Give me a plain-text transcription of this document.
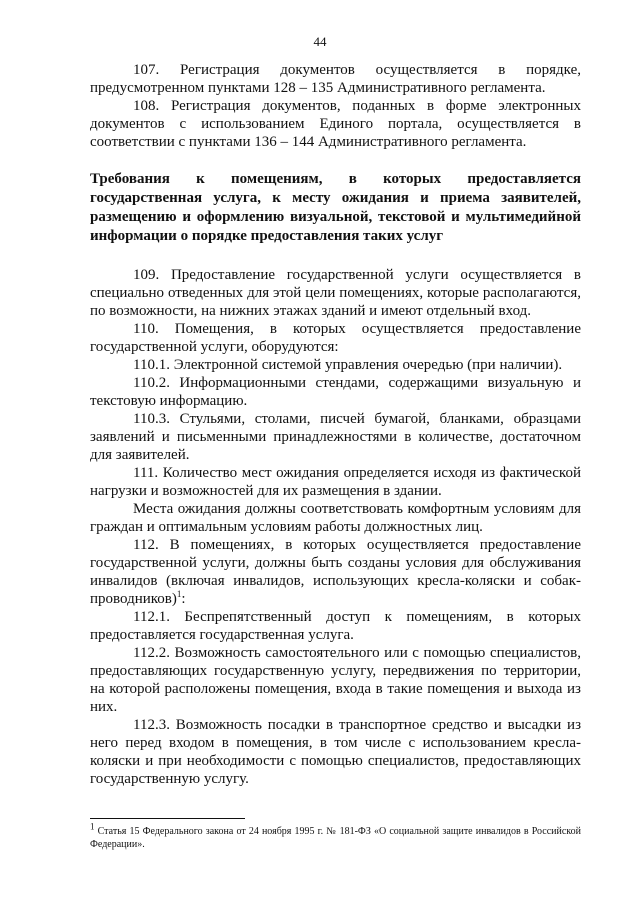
44

107. Регистрация документов осуществляется в порядке, предусмотренном пунктами 128 – 135 Административного регламента.

108. Регистрация документов, поданных в форме электронных документов с использованием Единого портала, осуществляется в соответствии с пунктами 136 – 144 Административного регламента.

Требования к помещениям, в которых предоставляется государственная услуга, к месту ожидания и приема заявителей, размещению и оформлению визуальной, текстовой и мультимедийной информации о порядке предоставления таких услуг

109. Предоставление государственной услуги осуществляется в специально отведенных для этой цели помещениях, которые располагаются, по возможности, на нижних этажах зданий и имеют отдельный вход.

110. Помещения, в которых осуществляется предоставление государственной услуги, оборудуются:

110.1. Электронной системой управления очередью (при наличии).

110.2. Информационными стендами, содержащими визуальную и текстовую информацию.

110.3. Стульями, столами, писчей бумагой, бланками, образцами заявлений и письменными принадлежностями в количестве, достаточном для заявителей.

111. Количество мест ожидания определяется исходя из фактической нагрузки и возможностей для их размещения в здании.

Места ожидания должны соответствовать комфортным условиям для граждан и оптимальным условиям работы должностных лиц.

112. В помещениях, в которых осуществляется предоставление государственной услуги, должны быть созданы условия для обслуживания инвалидов (включая инвалидов, использующих кресла-коляски и собак-проводников)$^1$:

112.1. Беспрепятственный доступ к помещениям, в которых предоставляется государственная услуга.

112.2. Возможность самостоятельного или с помощью специалистов, предоставляющих государственную услугу, передвижения по территории, на которой расположены помещения, входа в такие помещения и выхода из них.

112.3. Возможность посадки в транспортное средство и высадки из него перед входом в помещения, в том числе с использованием кресла-коляски и при необходимости с помощью специалистов, предоставляющих государственную услугу.

$^1$ Статья 15 Федерального закона от 24 ноября 1995 г. № 181-ФЗ «О социальной защите инвалидов в Российской Федерации».
